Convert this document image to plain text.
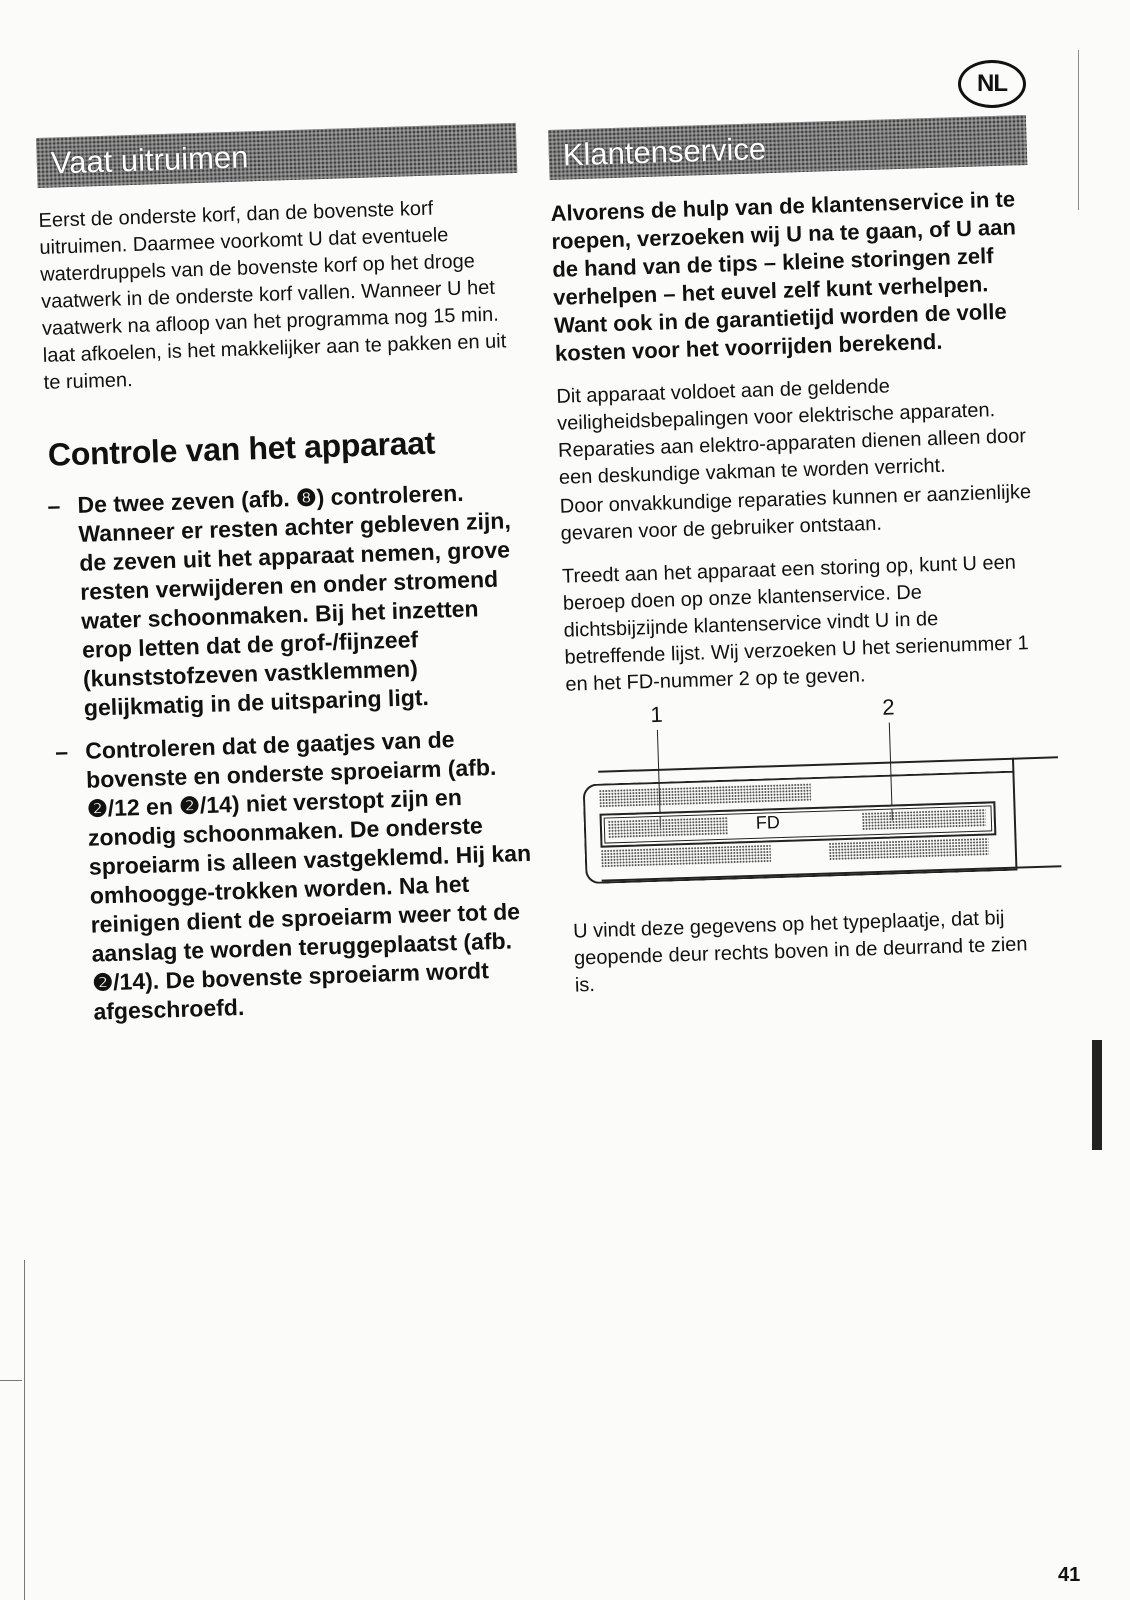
NL
Vaat uitruimen

Eerst de onderste korf, dan de bovenste korf uitruimen. Daarmee voorkomt U dat eventuele waterdruppels van de bovenste korf op het droge vaatwerk in de onderste korf vallen. Wanneer U het vaatwerk na afloop van het programma nog 15 min. laat afkoelen, is het makkelijker aan te pakken en uit te ruimen.

Controle van het apparaat
– De twee zeven (afb. ❽) controleren. Wanneer er resten achter gebleven zijn, de zeven uit het apparaat nemen, grove resten verwijderen en onder stromend water schoonmaken. Bij het inzetten erop letten dat de grof-/fijnzeef (kunststofzeven vastklemmen) gelijkmatig in de uitsparing ligt.
– Controleren dat de gaatjes van de bovenste en onderste sproeiarm (afb. ❷/12 en ❷/14) niet verstopt zijn en zonodig schoonmaken. De onderste sproeiarm is alleen vastgeklemd. Hij kan omhoogge-trokken worden. Na het reinigen dient de sproeiarm weer tot de aanslag te worden teruggeplaatst (afb. ❷/14). De bovenste sproeiarm wordt afgeschroefd.
Klantenservice
Alvorens de hulp van de klantenservice in te roepen, verzoeken wij U na te gaan, of U aan de hand van de tips – kleine storingen zelf verhelpen – het euvel zelf kunt verhelpen. Want ook in de garantietijd worden de volle kosten voor het voorrijden berekend.

Dit apparaat voldoet aan de geldende veiligheidsbepalingen voor elektrische apparaten. Reparaties aan elektro-apparaten dienen alleen door een deskundige vakman te worden verricht.

Door onvakkundige reparaties kunnen er aanzienlijke gevaren voor de gebruiker ontstaan.

Treedt aan het apparaat een storing op, kunt U een beroep doen op onze klantenservice. De dichtsbijzijnde klantenservice vindt U in de betreffende lijst. Wij verzoeken U het serienummer 1 en het FD-nummer 2 op te geven.

1	2
FD

U vindt deze gegevens op het typeplaatje, dat bij geopende deur rechts boven in de deurrand te zien is.

41
